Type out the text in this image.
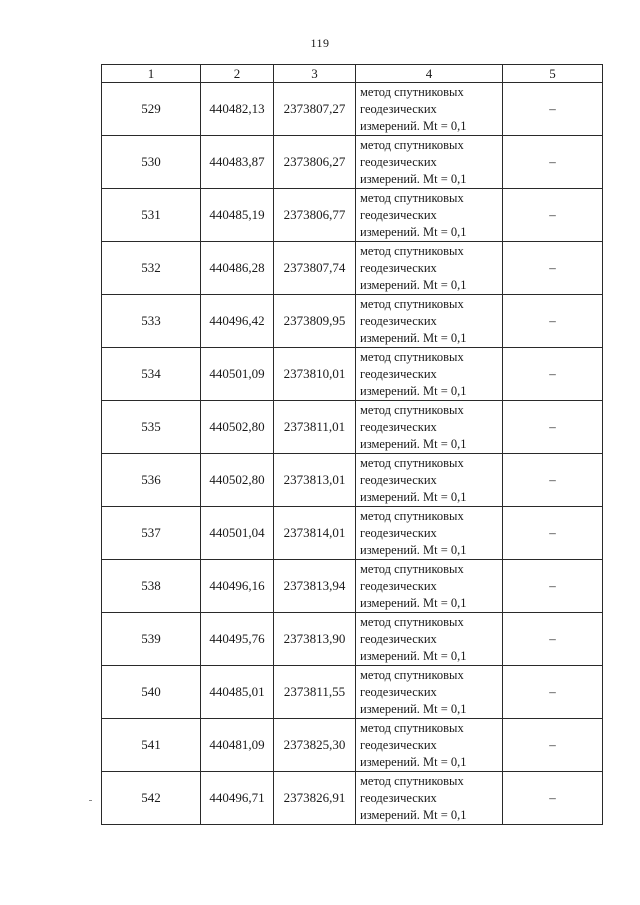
119
1	2	3	4	5
529	440482,13	2373807,27	метод спутниковых
геодезических
измерений. Mt = 0,1	–
530	440483,87	2373806,27	метод спутниковых
геодезических
измерений. Mt = 0,1	–
531	440485,19	2373806,77	метод спутниковых
геодезических
измерений. Mt = 0,1	–
532	440486,28	2373807,74	метод спутниковых
геодезических
измерений. Mt = 0,1	–
533	440496,42	2373809,95	метод спутниковых
геодезических
измерений. Mt = 0,1	–
534	440501,09	2373810,01	метод спутниковых
геодезических
измерений. Mt = 0,1	–
535	440502,80	2373811,01	метод спутниковых
геодезических
измерений. Mt = 0,1	–
536	440502,80	2373813,01	метод спутниковых
геодезических
измерений. Mt = 0,1	–
537	440501,04	2373814,01	метод спутниковых
геодезических
измерений. Mt = 0,1	–
538	440496,16	2373813,94	метод спутниковых
геодезических
измерений. Mt = 0,1	–
539	440495,76	2373813,90	метод спутниковых
геодезических
измерений. Mt = 0,1	–
540	440485,01	2373811,55	метод спутниковых
геодезических
измерений. Mt = 0,1	–
541	440481,09	2373825,30	метод спутниковых
геодезических
измерений. Mt = 0,1	–
542	440496,71	2373826,91	метод спутниковых
геодезических
измерений. Mt = 0,1	–
